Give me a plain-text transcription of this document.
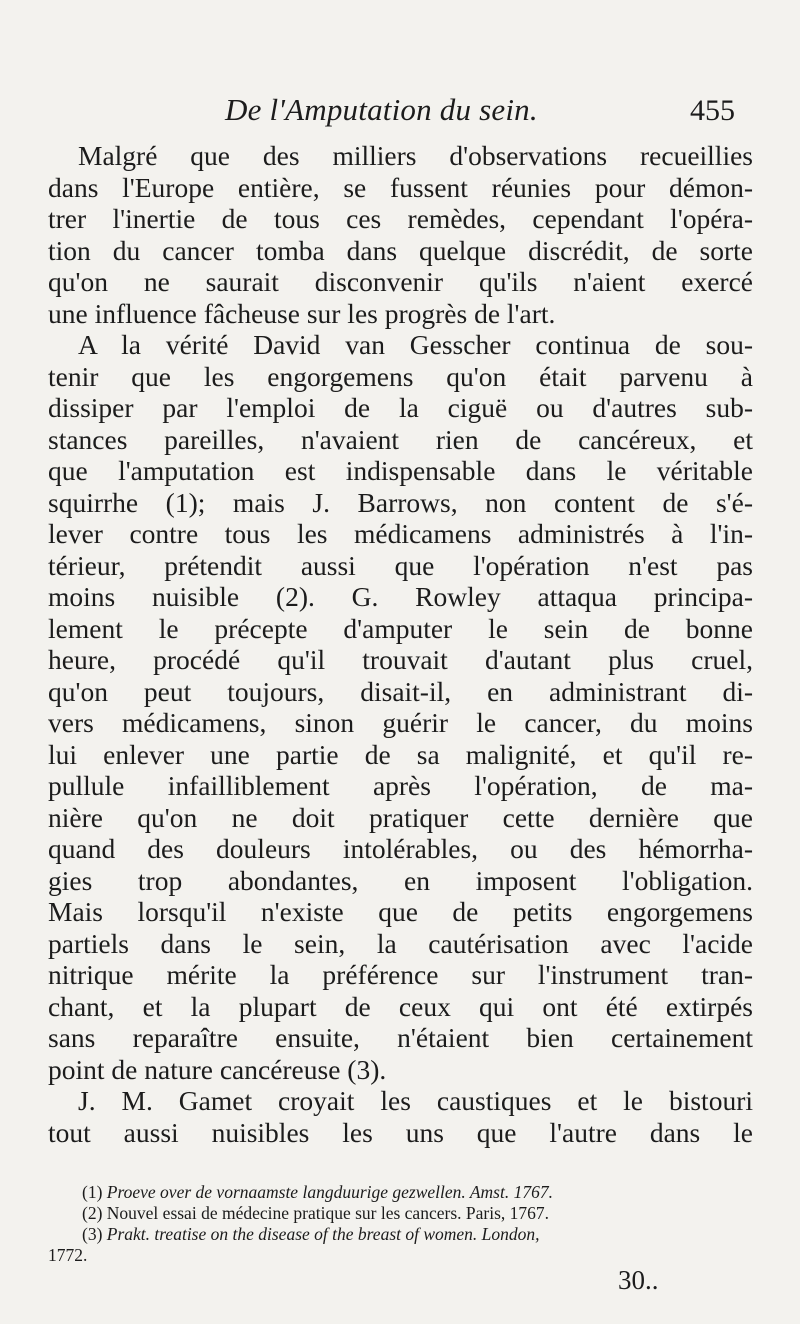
De l'Amputation du sein.	455
Malgré que des milliers d'observations recueillies
dans l'Europe entière, se fussent réunies pour démon-
trer l'inertie de tous ces remèdes, cependant l'opéra-
tion du cancer tomba dans quelque discrédit, de sorte
qu'on ne saurait disconvenir qu'ils n'aient exercé
une influence fâcheuse sur les progrès de l'art.
A la vérité David van Gesscher continua de sou-
tenir que les engorgemens qu'on était parvenu à
dissiper par l'emploi de la ciguë ou d'autres sub-
stances pareilles, n'avaient rien de cancéreux, et
que l'amputation est indispensable dans le véritable
squirrhe (1); mais J. Barrows, non content de s'é-
lever contre tous les médicamens administrés à l'in-
térieur, prétendit aussi que l'opération n'est pas
moins nuisible (2). G. Rowley attaqua principa-
lement le précepte d'amputer le sein de bonne
heure, procédé qu'il trouvait d'autant plus cruel,
qu'on peut toujours, disait-il, en administrant di-
vers médicamens, sinon guérir le cancer, du moins
lui enlever une partie de sa malignité, et qu'il re-
pullule infailliblement après l'opération, de ma-
nière qu'on ne doit pratiquer cette dernière que
quand des douleurs intolérables, ou des hémorrha-
gies trop abondantes, en imposent l'obligation.
Mais lorsqu'il n'existe que de petits engorgemens
partiels dans le sein, la cautérisation avec l'acide
nitrique mérite la préférence sur l'instrument tran-
chant, et la plupart de ceux qui ont été extirpés
sans reparaître ensuite, n'étaient bien certainement
point de nature cancéreuse (3).
J. M. Gamet croyait les caustiques et le bistouri
tout aussi nuisibles les uns que l'autre dans le
(1) Proeve over de vornaamste langduurige gezwellen. Amst. 1767.
(2) Nouvel essai de médecine pratique sur les cancers. Paris, 1767.
(3) Prakt. treatise on the disease of the breast of women. London,
1772.
30..
